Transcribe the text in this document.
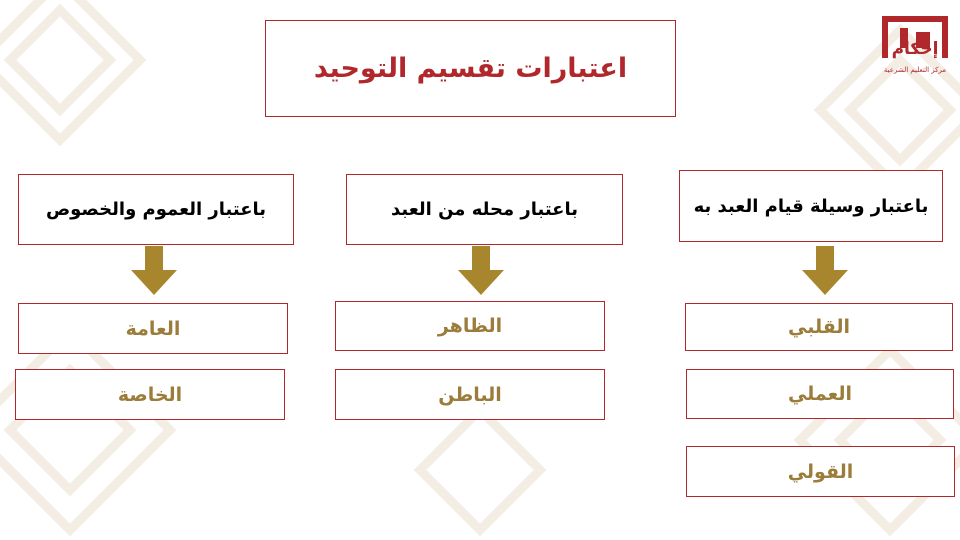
اعتبارات تقسيم التوحيد
إحكام
مركز التعليم الشرعية
باعتبار وسيلة قيام العبد به
القلبي
العملي
القولي
باعتبار محله من العبد
الظاهر
الباطن
باعتبار العموم والخصوص
العامة
الخاصة
